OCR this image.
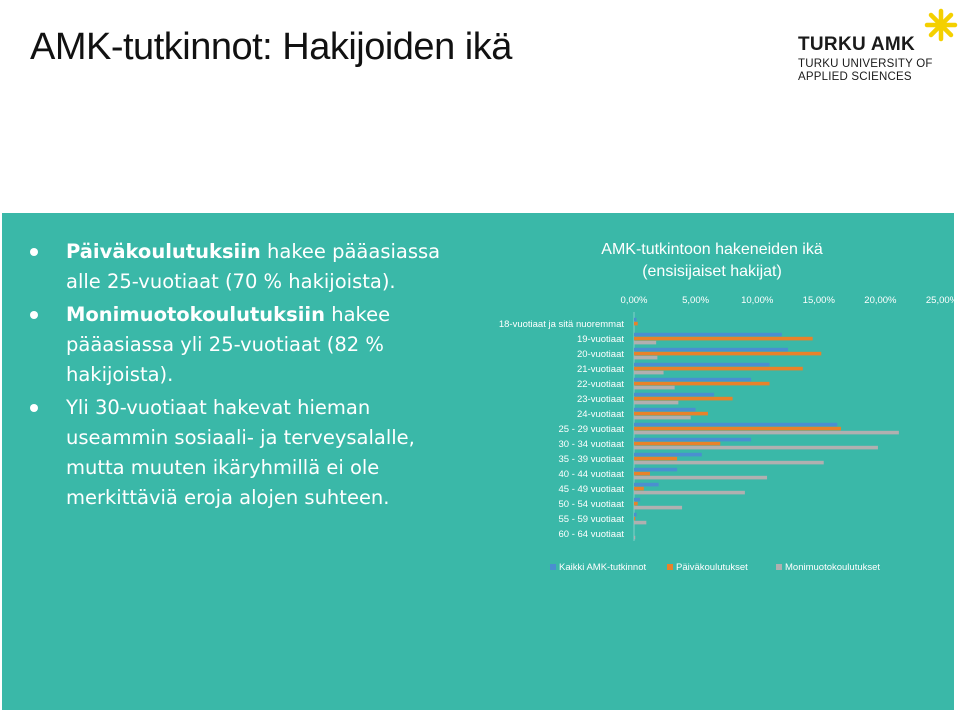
AMK-tutkinnot: Hakijoiden ikä	TURKU AMK
TURKU UNIVERSITY OF
APPLIED SCIENCES
Päiväkoulutuksiin hakee pääasiassa alle 25-vuotiaat (70 % hakijoista).
Monimuotokoulutuksiin hakee pääasiassa yli 25-vuotiaat (82 % hakijoista).
Yli 30-vuotiaat hakevat hieman useammin sosiaali- ja terveysalalle, mutta muuten ikäryhmillä ei ole merkittäviä eroja alojen suhteen.
AMK-tutkintoon hakeneiden ikä
(ensisijaiset hakijat)
0,00%	5,00%	10,00%	15,00%	20,00%	25,00%
18-vuotiaat ja sitä nuoremmat
19-vuotiaat
20-vuotiaat
21-vuotiaat
22-vuotiaat
23-vuotiaat
24-vuotiaat
25 - 29 vuotiaat
30 - 34 vuotiaat
35 - 39 vuotiaat
40 - 44 vuotiaat
45 - 49 vuotiaat
50 - 54 vuotiaat
55 - 59 vuotiaat
60 - 64 vuotiaat
Kaikki AMK-tutkinnot	Päiväkoulutukset	Monimuotokoulutukset
